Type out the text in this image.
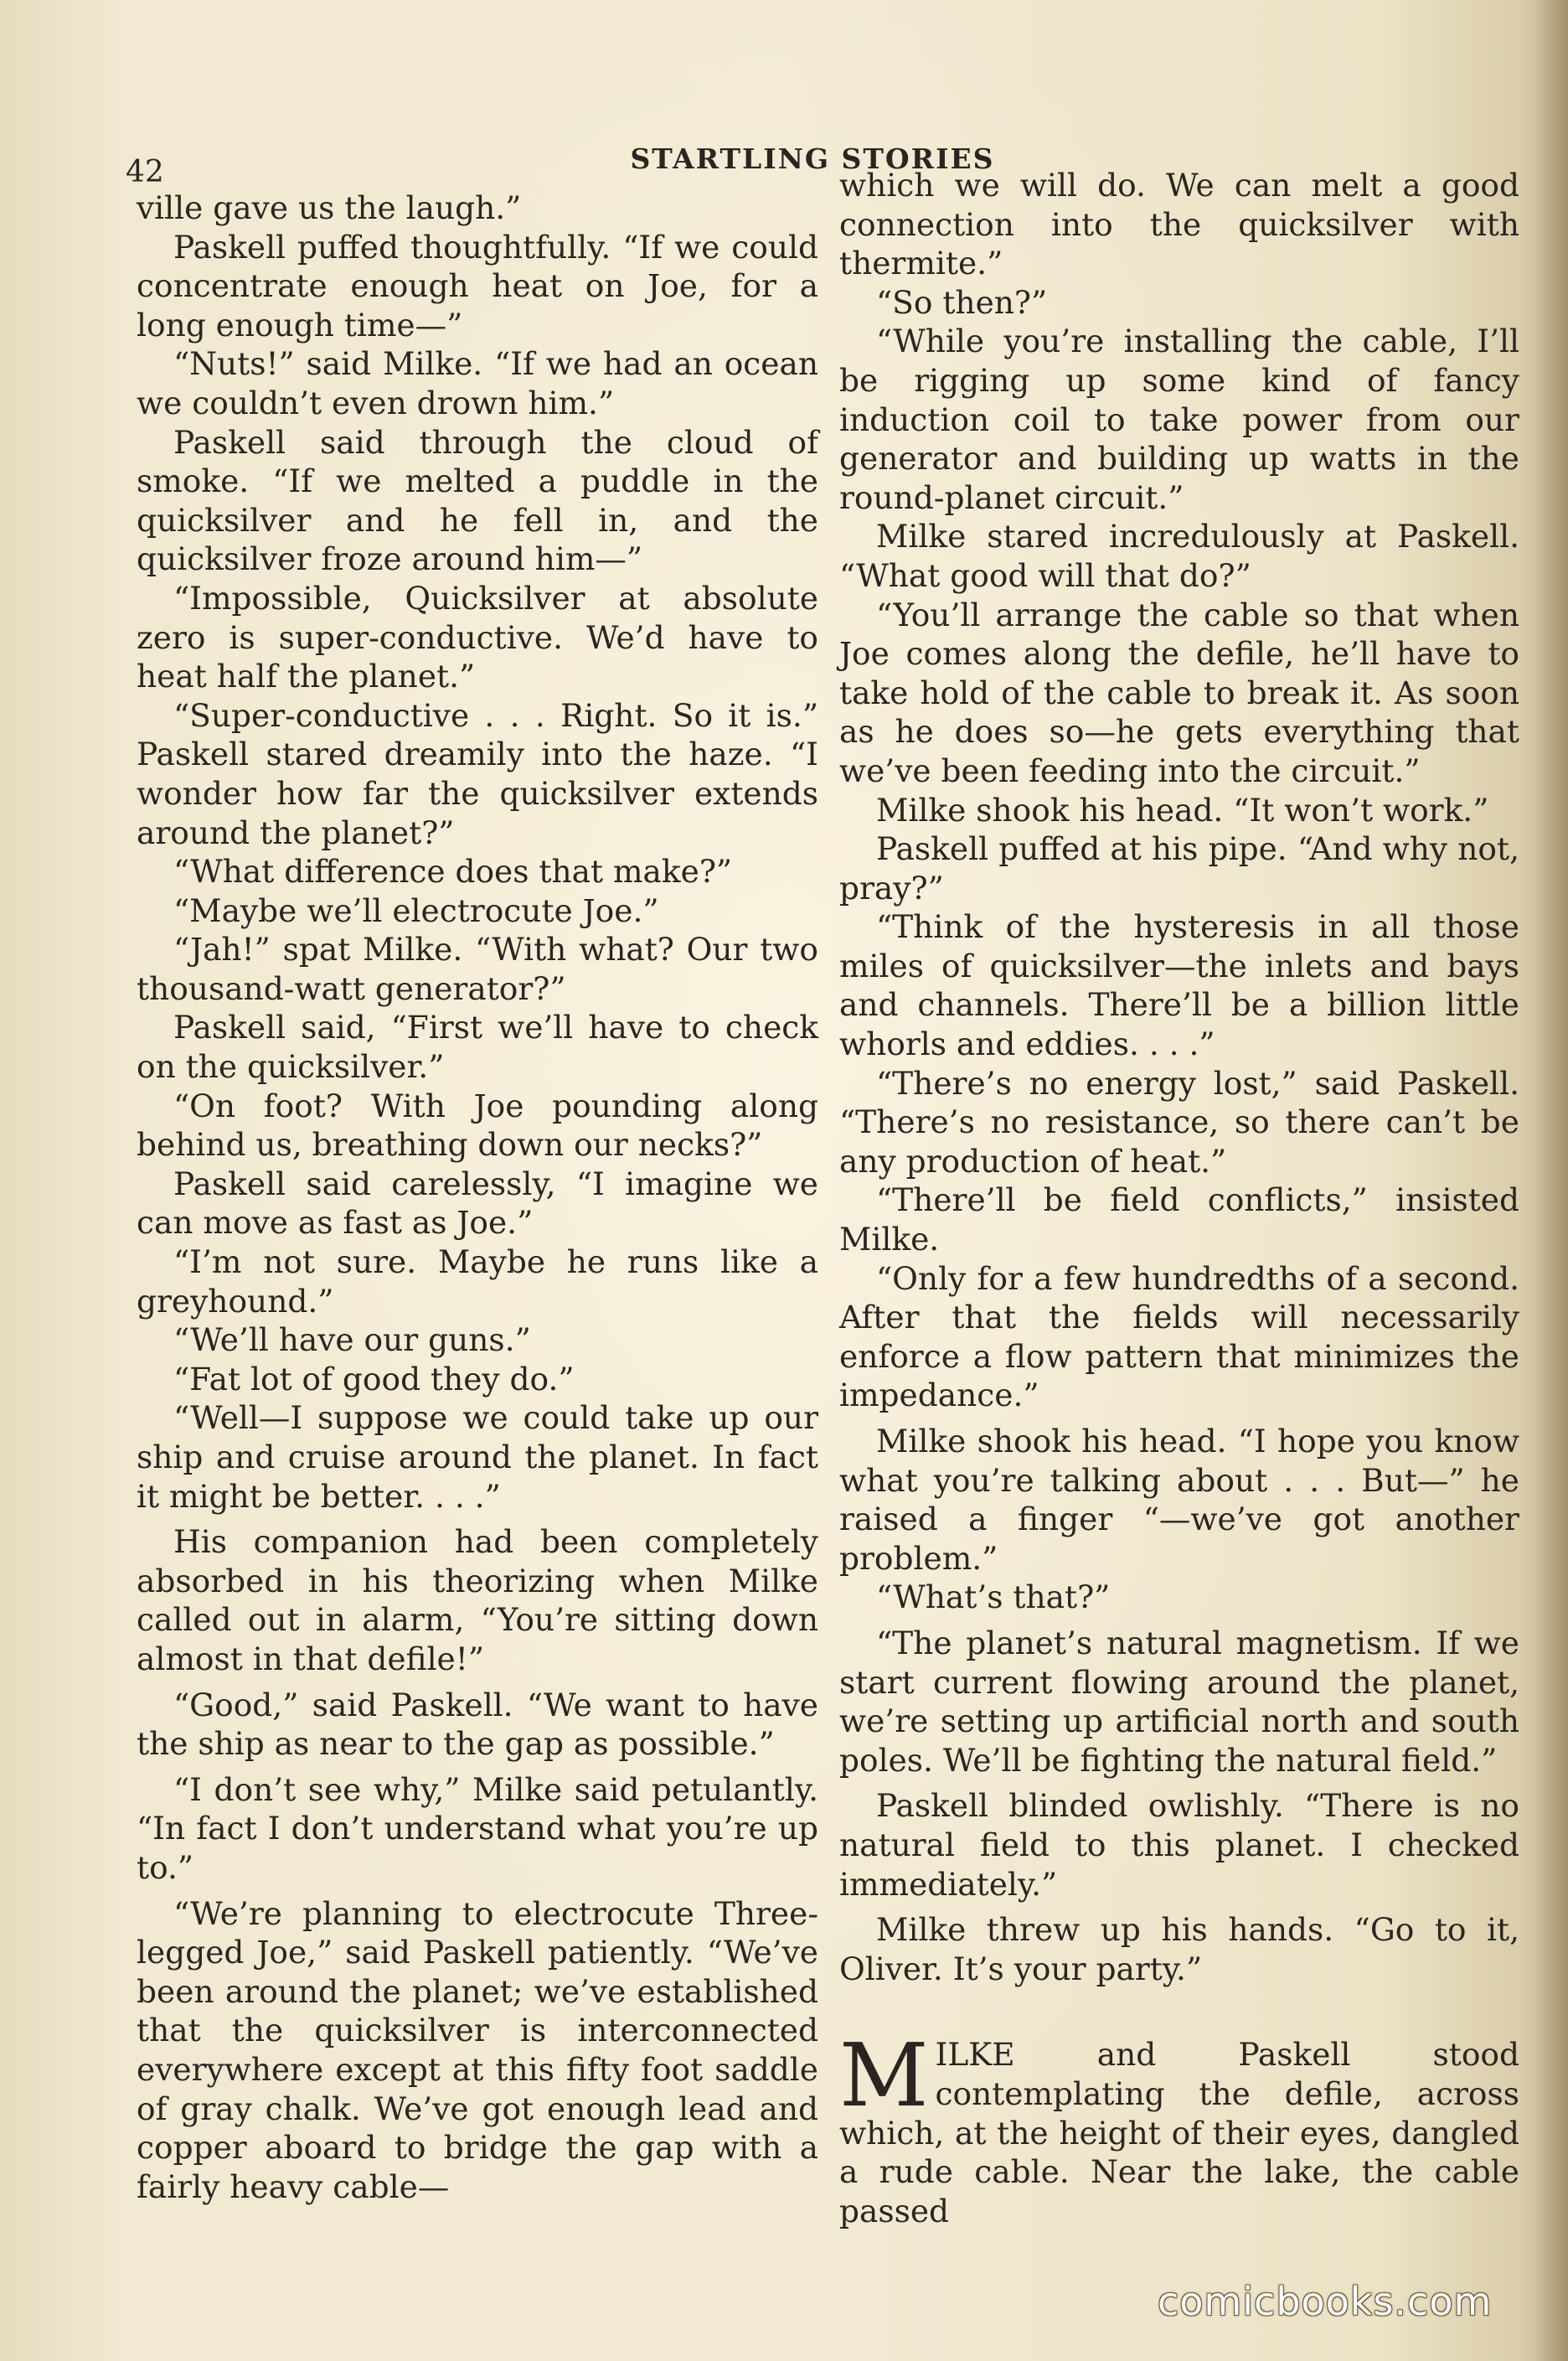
42	STARTLING STORIES

ville gave us the laugh.”

Paskell puffed thoughtfully. “If we could concentrate enough heat on Joe, for a long enough time—”

“Nuts!” said Milke. “If we had an ocean we couldn’t even drown him.”

Paskell said through the cloud of smoke. “If we melted a puddle in the quicksilver and he fell in, and the quicksilver froze around him—”

“Impossible, Quicksilver at absolute zero is super-conductive. We’d have to heat half the planet.”

“Super-conductive . . . Right. So it is.” Paskell stared dreamily into the haze. “I wonder how far the quicksilver extends around the planet?”

“What difference does that make?”

“Maybe we’ll electrocute Joe.”

“Jah!” spat Milke. “With what? Our two thousand-watt generator?”

Paskell said, “First we’ll have to check on the quicksilver.”

“On foot? With Joe pounding along behind us, breathing down our necks?”

Paskell said carelessly, “I imagine we can move as fast as Joe.”

“I’m not sure. Maybe he runs like a greyhound.”

“We’ll have our guns.”

“Fat lot of good they do.”

“Well—I suppose we could take up our ship and cruise around the planet. In fact it might be better. . . .”

His companion had been completely absorbed in his theorizing when Milke called out in alarm, “You’re sitting down almost in that defile!”

“Good,” said Paskell. “We want to have the ship as near to the gap as possible.”

“I don’t see why,” Milke said petulantly. “In fact I don’t understand what you’re up to.”

“We’re planning to electrocute Three-legged Joe,” said Paskell patiently. “We’ve been around the planet; we’ve established that the quicksilver is interconnected everywhere except at this fifty foot saddle of gray chalk. We’ve got enough lead and copper aboard to bridge the gap with a fairly heavy cable—

which we will do. We can melt a good connection into the quicksilver with thermite.”

“So then?”

“While you’re installing the cable, I’ll be rigging up some kind of fancy induction coil to take power from our generator and building up watts in the round-planet circuit.”

Milke stared incredulously at Paskell. “What good will that do?”

“You’ll arrange the cable so that when Joe comes along the defile, he’ll have to take hold of the cable to break it. As soon as he does so—he gets everything that we’ve been feeding into the circuit.”

Milke shook his head. “It won’t work.”

Paskell puffed at his pipe. “And why not, pray?”

“Think of the hysteresis in all those miles of quicksilver—the inlets and bays and channels. There’ll be a billion little whorls and eddies. . . .”

“There’s no energy lost,” said Paskell. “There’s no resistance, so there can’t be any production of heat.”

“There’ll be field conflicts,” insisted Milke.

“Only for a few hundredths of a second. After that the fields will necessarily enforce a flow pattern that minimizes the impedance.”

Milke shook his head. “I hope you know what you’re talking about . . . But—” he raised a finger “—we’ve got another problem.”

“What’s that?”

“The planet’s natural magnetism. If we start current flowing around the planet, we’re setting up artificial north and south poles. We’ll be fighting the natural field.”

Paskell blinded owlishly. “There is no natural field to this planet. I checked immediately.”

Milke threw up his hands. “Go to it, Oliver. It’s your party.”

MILKE and Paskell stood contemplating the defile, across which, at the height of their eyes, dangled a rude cable. Near the lake, the cable passed

comicbooks.com
